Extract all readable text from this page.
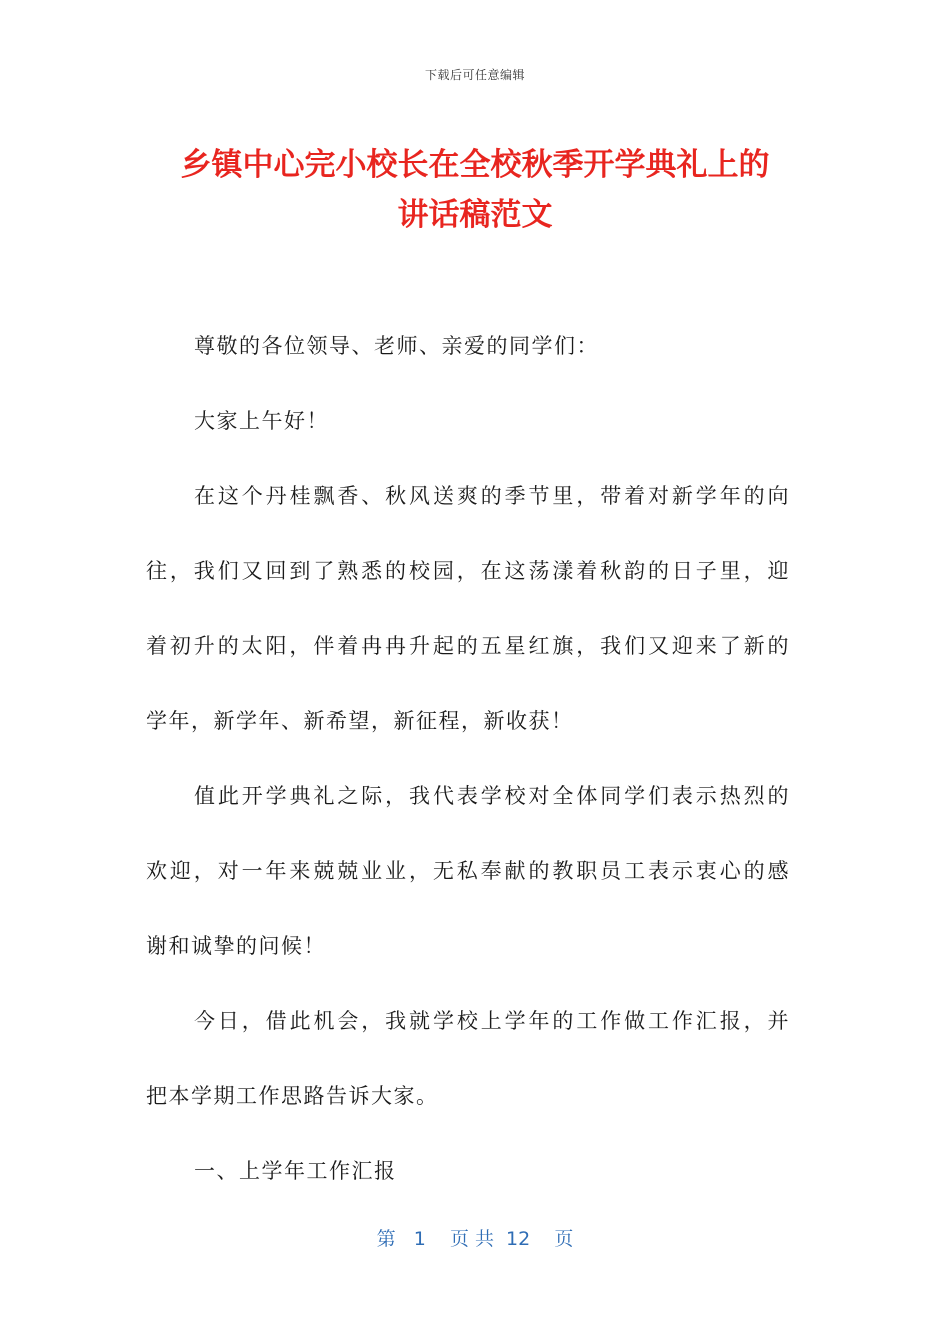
下载后可任意编辑
乡镇中心完小校长在全校秋季开学典礼上的
讲话稿范文
尊敬的各位领导、老师、亲爱的同学们：
大家上午好！
在这个丹桂飘香、秋风送爽的季节里，带着对新学年的向
往，我们又回到了熟悉的校园，在这荡漾着秋韵的日子里，迎
着初升的太阳，伴着冉冉升起的五星红旗，我们又迎来了新的
学年，新学年、新希望，新征程，新收获！
值此开学典礼之际，我代表学校对全体同学们表示热烈的
欢迎，对一年来兢兢业业，无私奉献的教职员工表示衷心的感
谢和诚挚的问候！
今日，借此机会，我就学校上学年的工作做工作汇报，并
把本学期工作思路告诉大家。
一、上学年工作汇报
第   1    页 共  12    页
